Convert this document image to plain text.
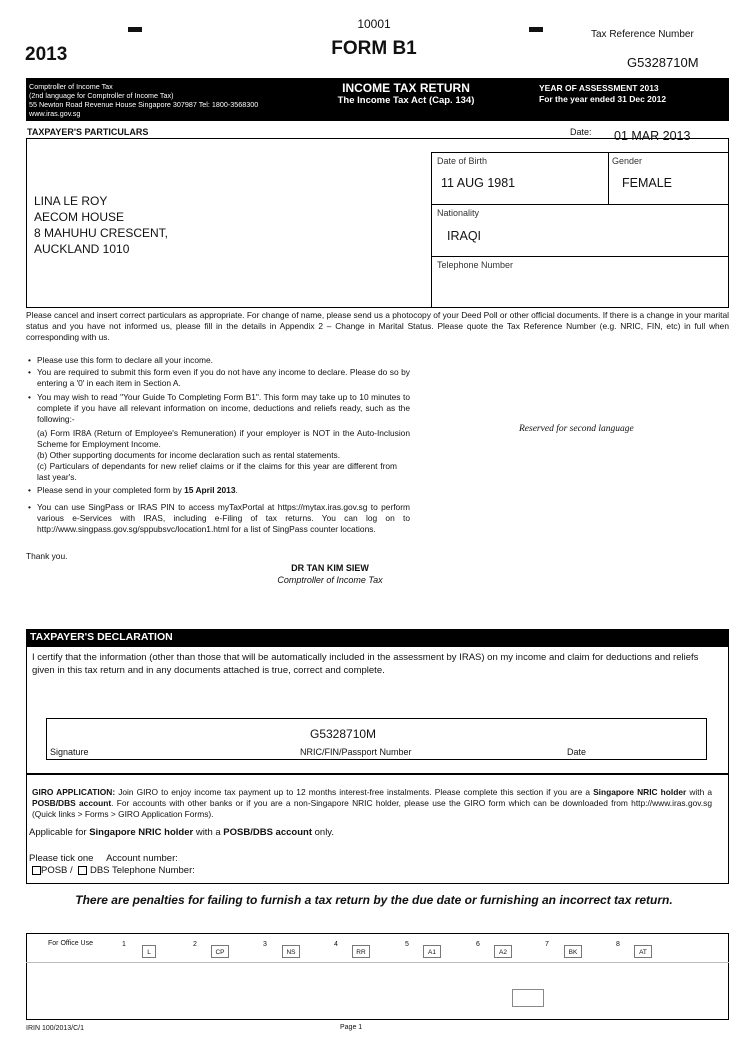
10001
FORM B1
2013
Tax Reference Number
G5328710M
Comptroller of Income Tax
(2nd language for Comptroller of Income Tax)
55 Newton Road Revenue House Singapore 307987 Tel: 1800-3568300
www.iras.gov.sg
INCOME TAX RETURN
The Income Tax Act (Cap. 134)
YEAR OF ASSESSMENT 2013
For the year ended 31 Dec 2012
TAXPAYER'S PARTICULARS	Date: 01 MAR 2013
LINA LE ROY
AECOM HOUSE
8 MAHUHU CRESCENT,
AUCKLAND 1010
Date of Birth
11 AUG 1981
Gender
FEMALE
Nationality
IRAQI
Telephone Number
Please cancel and insert correct particulars as appropriate. For change of name, please send us a photocopy of your Deed Poll or other official documents. If there is a change in your marital status and you have not informed us, please fill in the details in Appendix 2 – Change in Marital Status. Please quote the Tax Reference Number (e.g. NRIC, FIN, etc) in full when corresponding with us.
• Please use this form to declare all your income.
• You are required to submit this form even if you do not have any income to declare. Please do so by entering a '0' in each item in Section A.
• You may wish to read "Your Guide To Completing Form B1". This form may take up to 10 minutes to complete if you have all relevant information on income, deductions and reliefs ready, such as the following:-
(a) Form IR8A (Return of Employee's Remuneration) if your employer is NOT in the Auto-Inclusion Scheme for Employment Income.
(b) Other supporting documents for income declaration such as rental statements.
(c) Particulars of dependants for new relief claims or if the claims for this year are different from last year's.
• Please send in your completed form by 15 April 2013.
• You can use SingPass or IRAS PIN to access myTaxPortal at https://mytax.iras.gov.sg to perform various e-Services with IRAS, including e-Filing of tax returns. You can log on to http://www.singpass.gov.sg/sppubsvc/location1.html for a list of SingPass counter locations.
Reserved for second language
Thank you.
DR TAN KIM SIEW
Comptroller of Income Tax
TAXPAYER'S DECLARATION
I certify that the information (other than those that will be automatically included in the assessment by IRAS) on my income and claim for deductions and reliefs given in this tax return and in any documents attached is true, correct and complete.
G5328710M
Signature	NRIC/FIN/Passport Number	Date
GIRO APPLICATION: Join GIRO to enjoy income tax payment up to 12 months interest-free instalments. Please complete this section if you are a Singapore NRIC holder with a POSB/DBS account. For accounts with other banks or if you are a non-Singapore NRIC holder, please use the GIRO form which can be downloaded from http://www.iras.gov.sg (Quick links > Forms > GIRO Application Forms).
Applicable for Singapore NRIC holder with a POSB/DBS account only.
Please tick one Account number:
POSB / DBS Telephone Number:
There are penalties for failing to furnish a tax return by the due date or furnishing an incorrect tax return.
For Office Use	1
L
2
CP
3
NS
4
RR
5
A1
6
A2
7
BK
8
AT
IRIN 100/2013/C/1	Page 1
